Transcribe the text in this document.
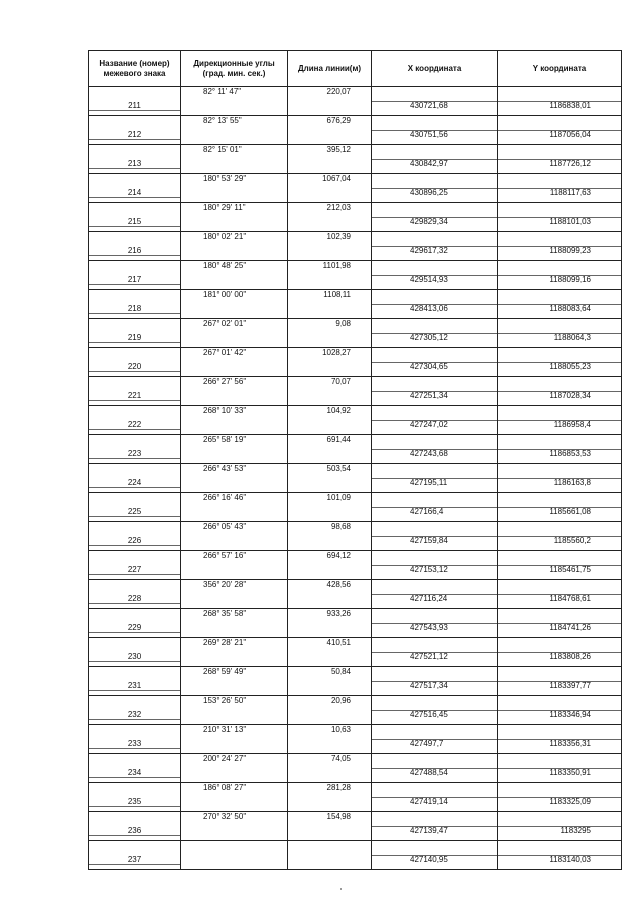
Название (номер) межевого знака	Дирекционные углы (град. мин. сек.)	Длина линии(м)	X координата	Y координата

211	82° 11' 47"	220,07	430721,68	1186838,01

212	82° 13' 55"	676,29	430751,56	1187056,04

213	82° 15' 01"	395,12	430842,97	1187726,12

214	180° 53' 29"	1067,04	430896,25	1188117,63

215	180° 29' 11"	212,03	429829,34	1188101,03

216	180° 02' 21"	102,39	429617,32	1188099,23

217	180° 48' 25"	1101,98	429514,93	1188099,16

218	181° 00' 00"	1108,11	428413,06	1188083,64

219	267° 02' 01"	9,08	427305,12	1188064,3

220	267° 01' 42"	1028,27	427304,65	1188055,23

221	266° 27' 56"	70,07	427251,34	1187028,34

222	268° 10' 33"	104,92	427247,02	1186958,4

223	265° 58' 19"	691,44	427243,68	1186853,53

224	266° 43' 53"	503,54	427195,11	1186163,8

225	266° 16' 46"	101,09	427166,4	1185661,08

226	266° 05' 43"	98,68	427159,84	1185560,2

227	266° 57' 16"	694,12	427153,12	1185461,75

228	356° 20' 28"	428,56	427116,24	1184768,61

229	268° 35' 58"	933,26	427543,93	1184741,26

230	269° 28' 21"	410,51	427521,12	1183808,26

231	268° 59' 49"	50,84	427517,34	1183397,77

232	153° 26' 50"	20,96	427516,45	1183346,94

233	210° 31' 13"	10,63	427497,7	1183356,31

234	200° 24' 27"	74,05	427488,54	1183350,91

235	186° 08' 27"	281,28	427419,14	1183325,09

236	270° 32' 50"	154,98	427139,47	1183295

237			427140,95	1183140,03
